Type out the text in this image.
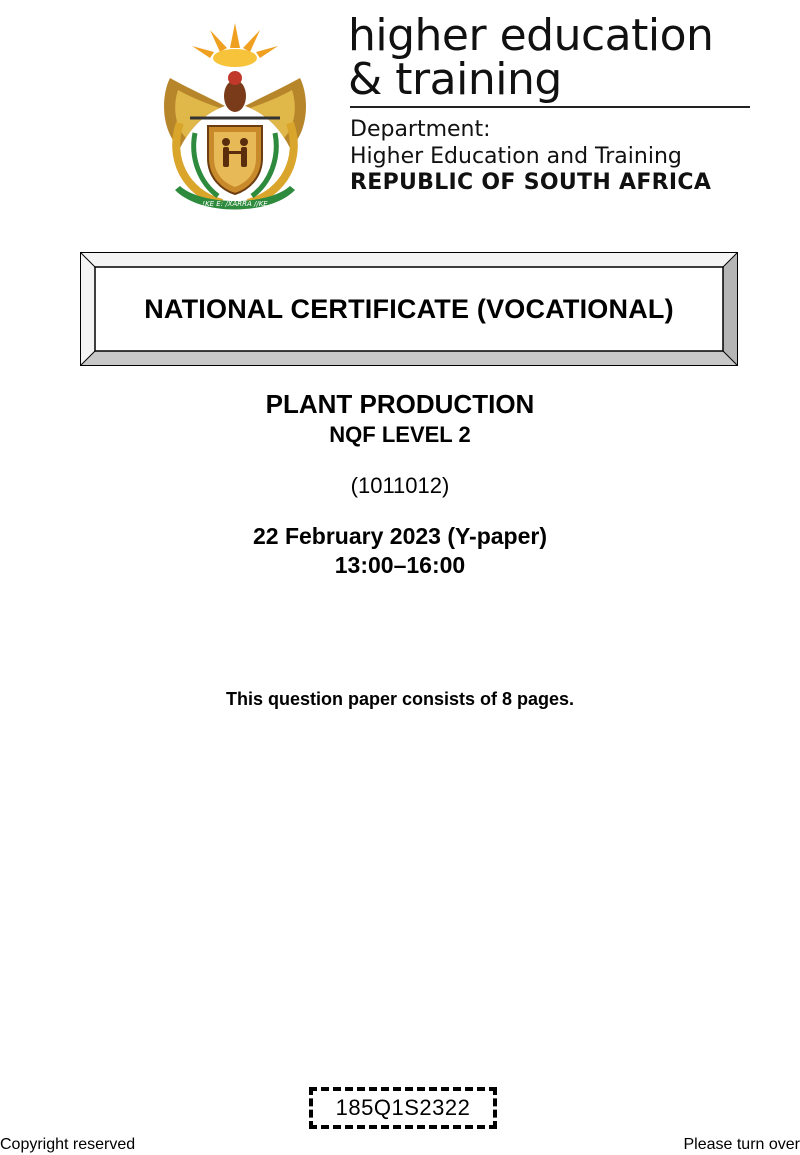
!KE E: /XARRA //KE
higher education
& training
Department:
Higher Education and Training
REPUBLIC OF SOUTH AFRICA
NATIONAL CERTIFICATE (VOCATIONAL)
PLANT PRODUCTION
NQF LEVEL 2
(1011012)
22 February 2023 (Y-paper)
13:00–16:00
This question paper consists of 8 pages.
185Q1S2322
Copyright reserved	Please turn over
